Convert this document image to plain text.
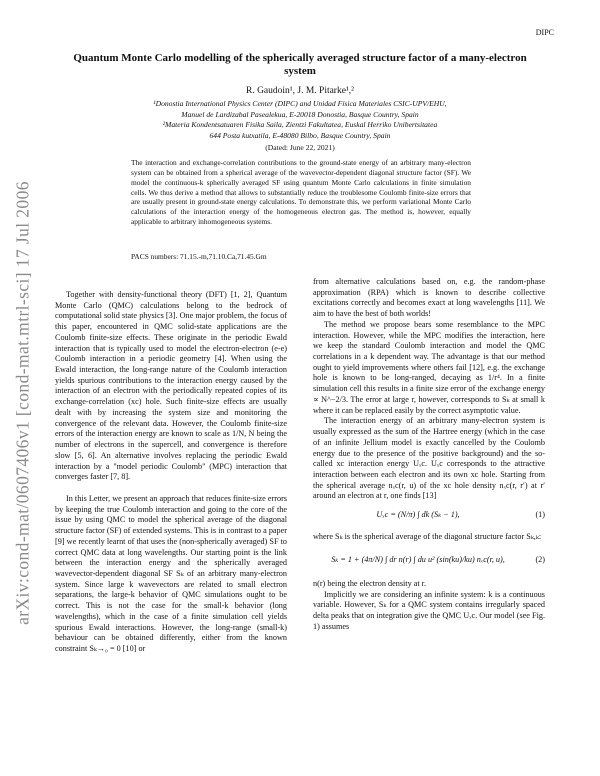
DIPC
arXiv:cond-mat/0607406v1 [cond-mat.mtrl-sci] 17 Jul 2006
Quantum Monte Carlo modelling of the spherically averaged structure factor of a many-electron system
R. Gaudoin¹, J. M. Pitarke¹,²
¹Donostia International Physics Center (DIPC) and Unidad Física Materiales CSIC-UPV/EHU,
Manuel de Lardizabal Pasealekua, E-20018 Donostia, Basque Country, Spain
²Materia Kondentsatuaren Fisika Saila, Zientzi Fakultatea, Euskal Herriko Unibertsitatea
644 Posta kutxatila, E-48080 Bilbo, Basque Country, Spain
(Dated: June 22, 2021)
The interaction and exchange-correlation contributions to the ground-state energy of an arbitrary many-electron system can be obtained from a spherical average of the wavevector-dependent diagonal structure factor (SF). We model the continuous-k spherically averaged SF using quantum Monte Carlo calculations in finite simulation cells. We thus derive a method that allows to substantially reduce the troublesome Coulomb finite-size errors that are usually present in ground-state energy calculations. To demonstrate this, we perform variational Monte Carlo calculations of the interaction energy of the homogeneous electron gas. The method is, however, equally applicable to arbitrary inhomogeneous systems.
PACS numbers: 71.15.-m,71.10.Ca,71.45.Gm

Together with density-functional theory (DFT) [1, 2], Quantum Monte Carlo (QMC) calculations belong to the bedrock of computational solid state physics [3]. One major problem, the focus of this paper, encountered in QMC solid-state applications are the Coulomb finite-size effects. These originate in the periodic Ewald interaction that is typically used to model the electron-electron (e-e) Coulomb interaction in a periodic geometry [4]. When using the Ewald interaction, the long-range nature of the Coulomb interaction yields spurious contributions to the interaction energy caused by the interaction of an electron with the periodically repeated copies of its exchange-correlation (xc) hole. Such finite-size effects are usually dealt with by increasing the system size and monitoring the convergence of the relevant data. However, the Coulomb finite-size errors of the interaction energy are known to scale as 1/N, N being the number of electrons in the supercell, and convergence is therefore slow [5, 6]. An alternative involves replacing the periodic Ewald interaction by a "model periodic Coulomb" (MPC) interaction that converges faster [7, 8].

In this Letter, we present an approach that reduces finite-size errors by keeping the true Coulomb interaction and going to the core of the issue by using QMC to model the spherical average of the diagonal structure factor (SF) of extended systems. This is in contrast to a paper [9] we recently learnt of that uses the (non-spherically averaged) SF to correct QMC data at long wavelengths. Our starting point is the link between the interaction energy and the spherically averaged wavevector-dependent diagonal SF Sₖ of an arbitrary many-electron system. Since large k wavevectors are related to small electron separations, the large-k behavior of QMC simulations ought to be correct. This is not the case for the small-k behavior (long wavelengths), which in the case of a finite simulation cell yields spurious Ewald interactions. However, the long-range (small-k) behaviour can be obtained differently, either from the known constraint Sₖ→₀ = 0 [10] or

from alternative calculations based on, e.g. the random-phase approximation (RPA) which is known to describe collective excitations correctly and becomes exact at long wavelengths [11]. We aim to have the best of both worlds!

The method we propose bears some resemblance to the MPC interaction. However, while the MPC modifies the interaction, here we keep the standard Coulomb interaction and model the QMC correlations in a k dependent way. The advantage is that our method ought to yield improvements where others fail [12], e.g. the exchange hole is known to be long-ranged, decaying as 1/r⁴. In a finite simulation cell this results in a finite size error of the exchange energy ∝ N^−2/3. The error at large r, however, corresponds to Sₖ at small k where it can be replaced easily by the correct asymptotic value.

The interaction energy of an arbitrary many-electron system is usually expressed as the sum of the Hartree energy (which in the case of an infinite Jellium model is exactly cancelled by the Coulomb energy due to the presence of the positive background) and the so-called xc interaction energy Uₓc. Uₓc corresponds to the attractive interaction between each electron and its own xc hole. Starting from the spherical average nₓc(r, u) of the xc hole density nₓc(r, r′) at r′ around an electron at r, one finds [13]

Uₓc = (N/π) ∫ dk (Sₖ − 1),	(1)

where Sₖ is the spherical average of the diagonal structure factor Sₖ,ₖ:

Sₖ = 1 + (4π/N) ∫ dr n(r) ∫ du u² (sin(ku)/ku) nₓc(r, u),	(2)

n(r) being the electron density at r.

Implicitly we are considering an infinite system: k is a continuous variable. However, Sₖ for a QMC system contains irregularly spaced delta peaks that on integration give the QMC Uₓc. Our model (see Fig. 1) assumes
